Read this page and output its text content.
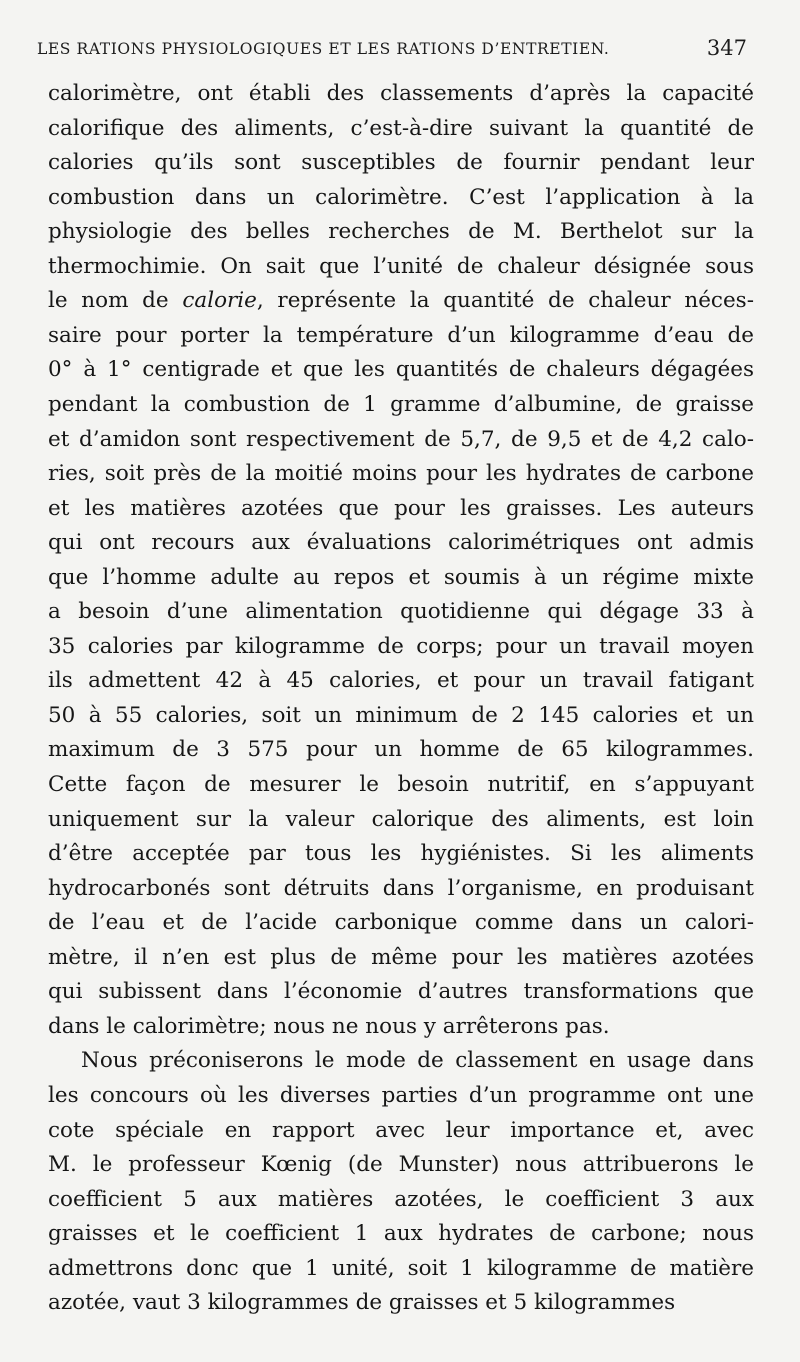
LES RATIONS PHYSIOLOGIQUES ET LES RATIONS D’ENTRETIEN.	347
calorimètre, ont établi des classements d’après la capacité
calorifique des aliments, c’est-à-dire suivant la quantité de
calories qu’ils sont susceptibles de fournir pendant leur
combustion dans un calorimètre. C’est l’application à la
physiologie des belles recherches de M. Berthelot sur la
thermochimie. On sait que l’unité de chaleur désignée sous
le nom de calorie, représente la quantité de chaleur néces-
saire pour porter la température d’un kilogramme d’eau de
0° à 1° centigrade et que les quantités de chaleurs dégagées
pendant la combustion de 1 gramme d’albumine, de graisse
et d’amidon sont respectivement de 5,7, de 9,5 et de 4,2 calo-
ries, soit près de la moitié moins pour les hydrates de carbone
et les matières azotées que pour les graisses. Les auteurs
qui ont recours aux évaluations calorimétriques ont admis
que l’homme adulte au repos et soumis à un régime mixte
a besoin d’une alimentation quotidienne qui dégage 33 à
35 calories par kilogramme de corps; pour un travail moyen
ils admettent 42 à 45 calories, et pour un travail fatigant
50 à 55 calories, soit un minimum de 2 145 calories et un
maximum de 3 575 pour un homme de 65 kilogrammes.
Cette façon de mesurer le besoin nutritif, en s’appuyant
uniquement sur la valeur calorique des aliments, est loin
d’être acceptée par tous les hygiénistes. Si les aliments
hydrocarbonés sont détruits dans l’organisme, en produisant
de l’eau et de l’acide carbonique comme dans un calori-
mètre, il n’en est plus de même pour les matières azotées
qui subissent dans l’économie d’autres transformations que
dans le calorimètre; nous ne nous y arrêterons pas.
Nous préconiserons le mode de classement en usage dans
les concours où les diverses parties d’un programme ont une
cote spéciale en rapport avec leur importance et, avec
M. le professeur Kœnig (de Munster) nous attribuerons le
coefficient 5 aux matières azotées, le coefficient 3 aux
graisses et le coefficient 1 aux hydrates de carbone; nous
admettrons donc que 1 unité, soit 1 kilogramme de matière
azotée, vaut 3 kilogrammes de graisses et 5 kilogrammes
